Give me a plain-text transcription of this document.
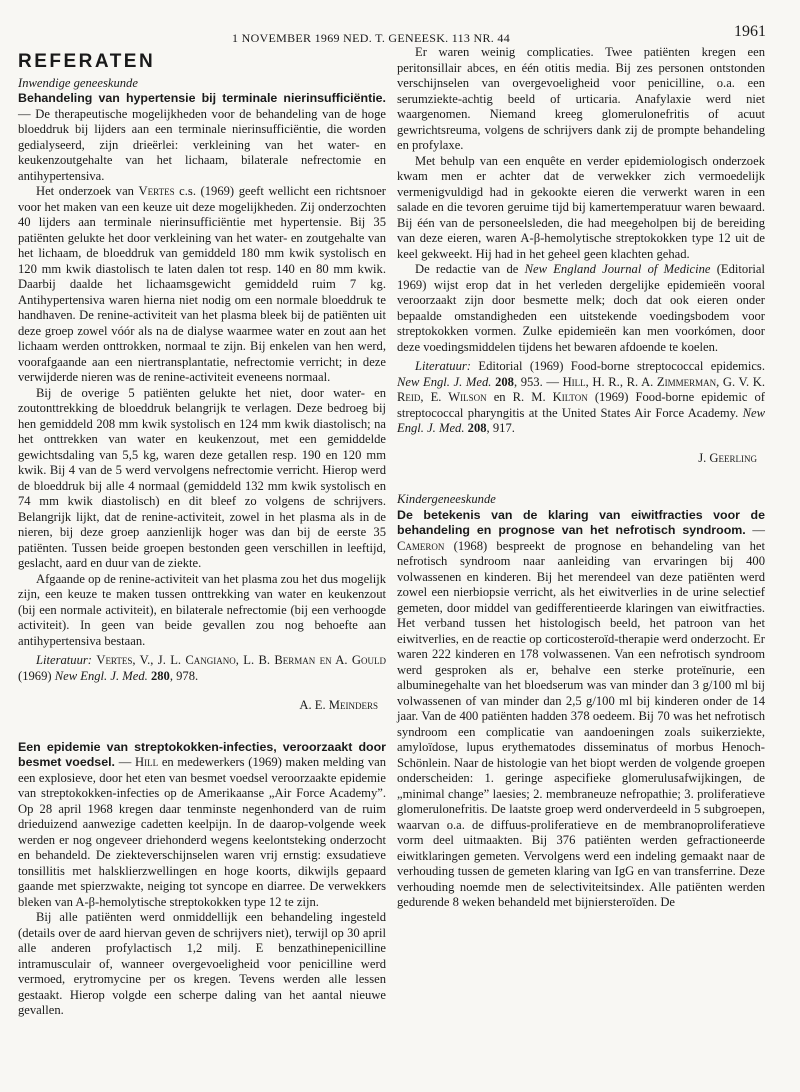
1 NOVEMBER 1969 NED. T. GENEESK. 113 NR. 44	1961
REFERATEN

Inwendige geneeskunde

Behandeling van hypertensie bij terminale nierinsufficiëntie. — De therapeutische mogelijkheden voor de behandeling van de hoge bloeddruk bij lijders aan een terminale nierinsufficiëntie, die worden gedialyseerd, zijn drieërlei: verkleining van het water- en keukenzoutgehalte van het lichaam, bilaterale nefrectomie en antihypertensiva.

Het onderzoek van Vertes c.s. (1969) geeft wellicht een richtsnoer voor het maken van een keuze uit deze mogelijkheden. Zij onderzochten 40 lijders aan terminale nierinsufficiëntie met hypertensie. Bij 35 patiënten gelukte het door verkleining van het water- en zoutgehalte van het lichaam, de bloeddruk van gemiddeld 180 mm kwik systolisch en 120 mm kwik diastolisch te laten dalen tot resp. 140 en 80 mm kwik. Daarbij daalde het lichaamsgewicht gemiddeld ruim 7 kg. Antihypertensiva waren hierna niet nodig om een normale bloeddruk te handhaven. De renine-activiteit van het plasma bleek bij de patiënten uit deze groep zowel vóór als na de dialyse waarmee water en zout aan het lichaam werden onttrokken, normaal te zijn. Bij enkelen van hen werd, voorafgaande aan een niertransplantatie, nefrectomie verricht; in deze verwijderde nieren was de renine-activiteit eveneens normaal.

Bij de overige 5 patiënten gelukte het niet, door water- en zoutonttrekking de bloeddruk belangrijk te verlagen. Deze bedroeg bij hen gemiddeld 208 mm kwik systolisch en 124 mm kwik diastolisch; na het onttrekken van water en keukenzout, met een gemiddelde gewichtsdaling van 5,5 kg, waren deze getallen resp. 190 en 120 mm kwik. Bij 4 van de 5 werd vervolgens nefrectomie verricht. Hierop werd de bloeddruk bij alle 4 normaal (gemiddeld 132 mm kwik systolisch en 74 mm kwik diastolisch) en dit bleef zo volgens de schrijvers. Belangrijk lijkt, dat de renine-activiteit, zowel in het plasma als in de nieren, bij deze groep aanzienlijk hoger was dan bij de eerste 35 patiënten. Tussen beide groepen bestonden geen verschillen in leeftijd, geslacht, aard en duur van de ziekte.

Afgaande op de renine-activiteit van het plasma zou het dus mogelijk zijn, een keuze te maken tussen onttrekking van water en keukenzout (bij een normale activiteit), en bilaterale nefrectomie (bij een verhoogde activiteit). In geen van beide gevallen zou nog behoefte aan antihypertensiva bestaan.

Literatuur: Vertes, V., J. L. Cangiano, L. B. Berman en A. Gould (1969) New Engl. J. Med. 280, 978.

A. E. Meinders

Een epidemie van streptokokken-infecties, veroorzaakt door besmet voedsel. — Hill en medewerkers (1969) maken melding van een explosieve, door het eten van besmet voedsel veroorzaakte epidemie van streptokokken-infecties op de Amerikaanse „Air Force Academy”. Op 28 april 1968 kregen daar tenminste negenhonderd van de ruim drieduizend aanwezige cadetten keelpijn. In de daarop-volgende week werden er nog ongeveer driehonderd wegens keelontsteking onderzocht en behandeld. De ziekteverschijnselen waren vrij ernstig: exsudatieve tonsillitis met halsklierzwellingen en hoge koorts, dikwijls gepaard gaande met spierzwakte, neiging tot syncope en diarree. De verwekkers bleken van A-β-hemolytische streptokokken type 12 te zijn.

Bij alle patiënten werd onmiddellijk een behandeling ingesteld (details over de aard hiervan geven de schrijvers niet), terwijl op 30 april alle anderen profylactisch 1,2 milj. E benzathinepenicilline intramusculair of, wanneer overgevoeligheid voor penicilline werd vermoed, erytromycine per os kregen. Tevens werden alle lessen gestaakt. Hierop volgde een scherpe daling van het aantal nieuwe gevallen.

Er waren weinig complicaties. Twee patiënten kregen een peritonsillair abces, en één otitis media. Bij zes personen ontstonden verschijnselen van overgevoeligheid voor penicilline, o.a. een serumziekte-achtig beeld of urticaria. Anafylaxie werd niet waargenomen. Niemand kreeg glomerulonefritis of acuut gewrichtsreuma, volgens de schrijvers dank zij de prompte behandeling en profylaxe.

Met behulp van een enquête en verder epidemiologisch onderzoek kwam men er achter dat de verwekker zich vermoedelijk vermenigvuldigd had in gekookte eieren die verwerkt waren in een salade en die tevoren geruime tijd bij kamertemperatuur waren bewaard. Bij één van de personeelsleden, die had meegeholpen bij de bereiding van deze eieren, waren A-β-hemolytische streptokokken type 12 uit de keel gekweekt. Hij had in het geheel geen klachten gehad.

De redactie van de New England Journal of Medicine (Editorial 1969) wijst erop dat in het verleden dergelijke epidemieën vooral veroorzaakt zijn door besmette melk; doch dat ook eieren onder bepaalde omstandigheden een uitstekende voedingsbodem voor streptokokken vormen. Zulke epidemieën kan men voorkómen, door deze voedingsmiddelen tijdens het bewaren afdoende te koelen.

Literatuur: Editorial (1969) Food-borne streptococcal epidemics. New Engl. J. Med. 208, 953. — Hill, H. R., R. A. Zimmerman, G. V. K. Reid, E. Wilson en R. M. Kilton (1969) Food-borne epidemic of streptococcal pharyngitis at the United States Air Force Academy. New Engl. J. Med. 208, 917.

J. Geerling

Kindergeneeskunde

De betekenis van de klaring van eiwitfracties voor de behandeling en prognose van het nefrotisch syndroom. — Cameron (1968) bespreekt de prognose en behandeling van het nefrotisch syndroom naar aanleiding van ervaringen bij 400 volwassenen en kinderen. Bij het merendeel van deze patiënten werd zowel een nierbiopsie verricht, als het eiwitverlies in de urine selectief gemeten, door middel van gedifferentieerde klaringen van eiwitfracties. Het verband tussen het histologisch beeld, het patroon van het eiwitverlies, en de reactie op corticosteroïd-therapie werd onderzocht. Er waren 222 kinderen en 178 volwassenen. Van een nefrotisch syndroom werd gesproken als er, behalve een sterke proteïnurie, een albuminegehalte van het bloedserum was van minder dan 3 g/100 ml bij volwassenen of van minder dan 2,5 g/100 ml bij kinderen onder de 14 jaar. Van de 400 patiënten hadden 378 oedeem. Bij 70 was het nefrotisch syndroom een complicatie van aandoeningen zoals suikerziekte, amyloïdose, lupus erythematodes disseminatus of morbus Henoch-Schönlein. Naar de histologie van het biopt werden de volgende groepen onderscheiden: 1. geringe aspecifieke glomerulusafwijkingen, de „minimal change” laesies; 2. membraneuze nefropathie; 3. proliferatieve glomerulonefritis. De laatste groep werd onderverdeeld in 5 subgroepen, waarvan o.a. de diffuus-proliferatieve en de membranoproliferatieve vorm deel uitmaakten. Bij 376 patiënten werden gefractioneerde eiwitklaringen gemeten. Vervolgens werd een indeling gemaakt naar de verhouding tussen de gemeten klaring van IgG en van transferrine. Deze verhouding noemde men de selectiviteitsindex. Alle patiënten werden gedurende 8 weken behandeld met bijniersteroïden. De
